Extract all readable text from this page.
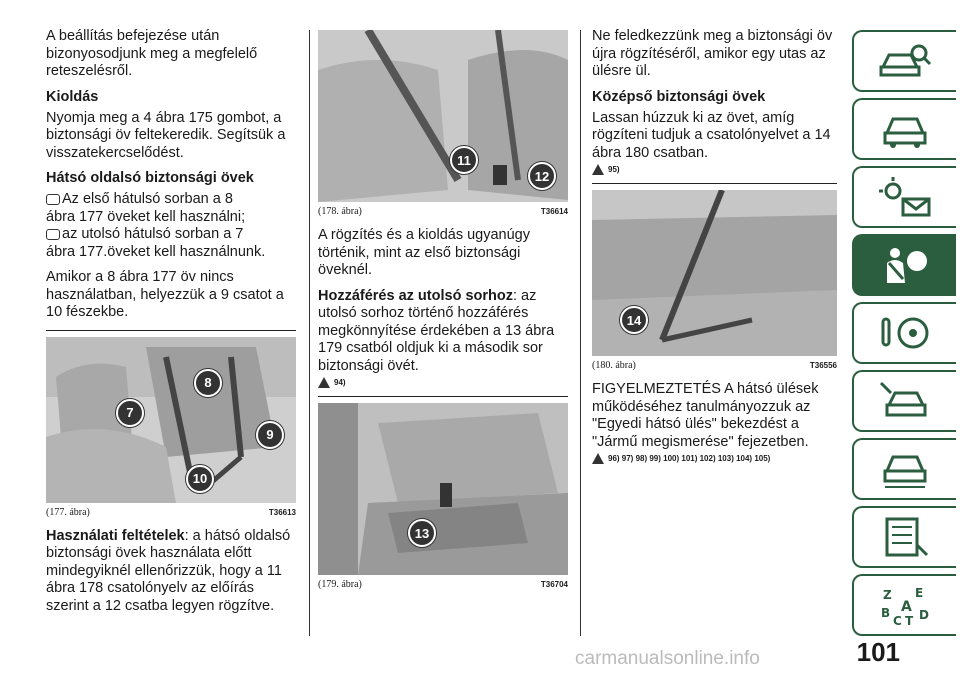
A beállítás befejezése után bizonyosodjunk meg a megfelelő reteszelésről.

Kioldás

Nyomja meg a 4 ábra 175 gombot, a biztonsági öv feltekeredik. Segítsük a visszatekercselődést.

Hátsó oldalsó biztonsági övek
Az első hátulsó sorban a 8
ábra 177 öveket kell használni;
az utolsó hátulsó sorban a 7

ábra 177.öveket kell használnunk.

Amikor a 8 ábra 177 öv nincs használatban, helyezzük a 9 csatot a 10 fészekbe.

8
7
9
10
(177. ábra)	T36613

Használati feltételek: a hátsó oldalsó biztonsági övek használata előtt mindegyiknél ellenőrizzük, hogy a 11 ábra 178 csatolónyelv az előírás szerint a 12 csatba legyen rögzítve.

11
12
(178. ábra)	T36614

A rögzítés és a kioldás ugyanúgy történik, mint az első biztonsági öveknél.

Hozzáférés az utolsó sorhoz: az utolsó sorhoz történő hozzáférés megkönnyítése érdekében a 13 ábra 179 csatból oldjuk ki a második sor biztonsági övét.

94)
13
(179. ábra)	T36704

Ne feledkezzünk meg a biztonsági öv újra rögzítéséről, amikor egy utas az ülésre ül.

Középső biztonsági övek

Lassan húzzuk ki az övet, amíg rögzíteni tudjuk a csatolónyelvet a 14 ábra 180 csatban.

95)
14
(180. ábra)	T36556

FIGYELMEZTETÉS A hátsó ülések működéséhez tanulmányozzuk az "Egyedi hátsó ülés" bekezdést a "Jármű megismerése" fejezetben.

96) 97) 98) 99) 100) 101) 102) 103) 104) 105)
Z E
B A
C T D
carmanualsonline.info	101
